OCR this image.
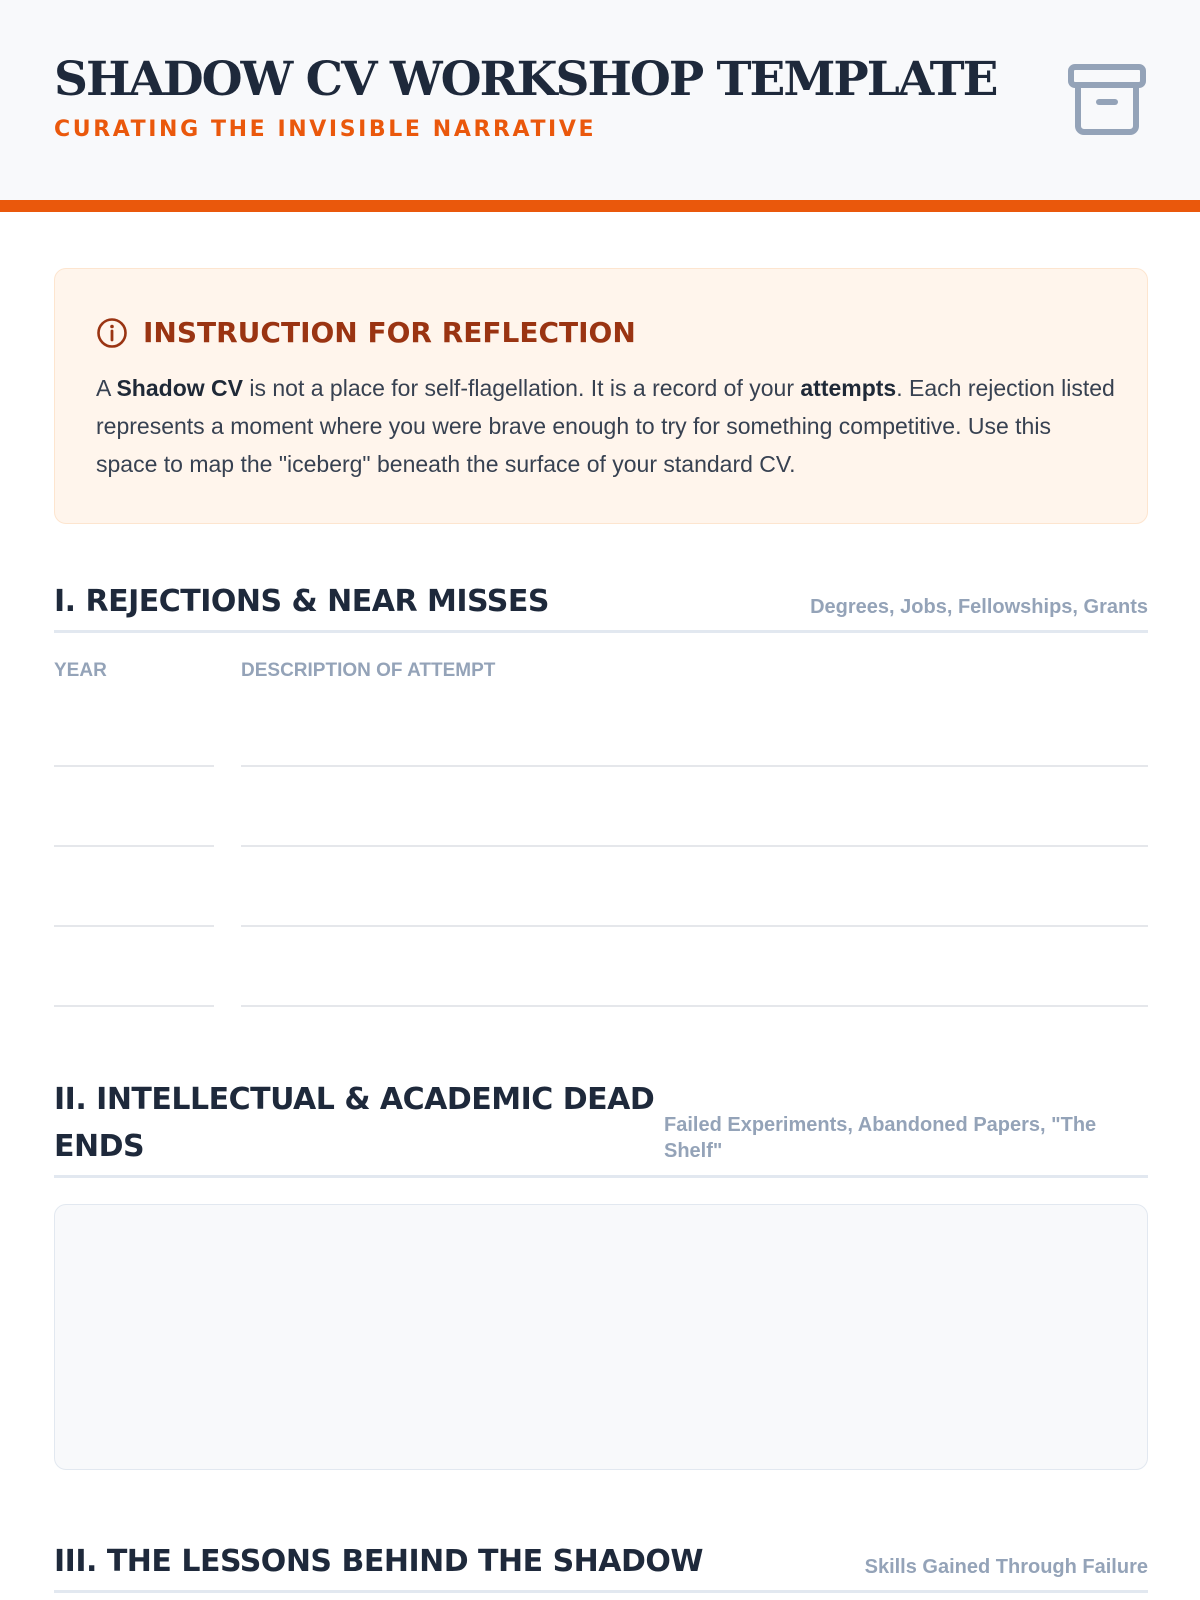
SHADOW CV WORKSHOP TEMPLATE
CURATING THE INVISIBLE NARRATIVE
INSTRUCTION FOR REFLECTION

A Shadow CV is not a place for self-flagellation. It is a record of your attempts. Each rejection listed represents a moment where you were brave enough to try for something competitive. Use this space to map the "iceberg" beneath the surface of your standard CV.

I. REJECTIONS & NEAR MISSES	Degrees, Jobs, Fellowships, Grants
YEAR	DESCRIPTION OF ATTEMPT
II. INTELLECTUAL & ACADEMIC DEAD ENDS
Failed Experiments, Abandoned Papers, "The Shelf"
III. THE LESSONS BEHIND THE SHADOW	Skills Gained Through Failure
